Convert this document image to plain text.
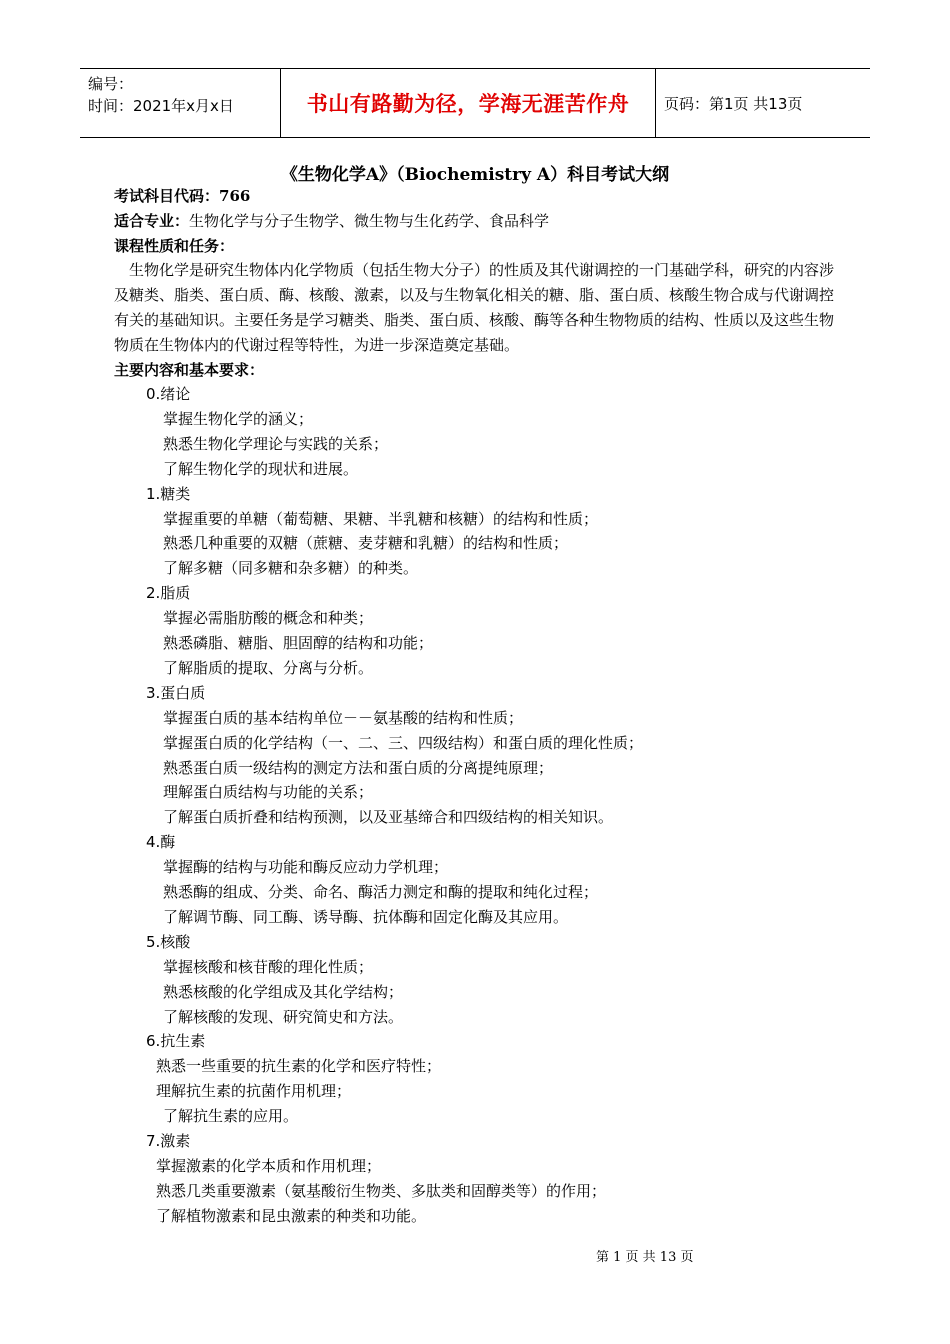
编号：
时间：2021年x月x日	书山有路勤为径，学海无涯苦作舟 页码：第1页 共13页
《生物化学A》（Biochemistry A）科目考试大纲
考试科目代码：766
适合专业：生物化学与分子生物学、微生物与生化药学、食品科学
课程性质和任务：
生物化学是研究生物体内化学物质（包括生物大分子）的性质及其代谢调控的一门基础学科，研究的内容涉及糖类、脂类、蛋白质、酶、核酸、激素，以及与生物氧化相关的糖、脂、蛋白质、核酸生物合成与代谢调控有关的基础知识。主要任务是学习糖类、脂类、蛋白质、核酸、酶等各种生物物质的结构、性质以及这些生物物质在生物体内的代谢过程等特性，为进一步深造奠定基础。
主要内容和基本要求：
0.绪论
掌握生物化学的涵义；
熟悉生物化学理论与实践的关系；
了解生物化学的现状和进展。
1.糖类
掌握重要的单糖（葡萄糖、果糖、半乳糖和核糖）的结构和性质；
熟悉几种重要的双糖（蔗糖、麦芽糖和乳糖）的结构和性质；
了解多糖（同多糖和杂多糖）的种类。
2.脂质
掌握必需脂肪酸的概念和种类；
熟悉磷脂、糖脂、胆固醇的结构和功能；
了解脂质的提取、分离与分析。
3.蛋白质
掌握蛋白质的基本结构单位－－氨基酸的结构和性质；
掌握蛋白质的化学结构（一、二、三、四级结构）和蛋白质的理化性质；
熟悉蛋白质一级结构的测定方法和蛋白质的分离提纯原理；
理解蛋白质结构与功能的关系；
了解蛋白质折叠和结构预测，以及亚基缔合和四级结构的相关知识。
4.酶
掌握酶的结构与功能和酶反应动力学机理；
熟悉酶的组成、分类、命名、酶活力测定和酶的提取和纯化过程；
了解调节酶、同工酶、诱导酶、抗体酶和固定化酶及其应用。
5.核酸
掌握核酸和核苷酸的理化性质；
熟悉核酸的化学组成及其化学结构；
了解核酸的发现、研究简史和方法。
6.抗生素
熟悉一些重要的抗生素的化学和医疗特性；
理解抗生素的抗菌作用机理；
了解抗生素的应用。
7.激素
掌握激素的化学本质和作用机理；
熟悉几类重要激素（氨基酸衍生物类、多肽类和固醇类等）的作用；
了解植物激素和昆虫激素的种类和功能。
第 1 页 共 13 页
